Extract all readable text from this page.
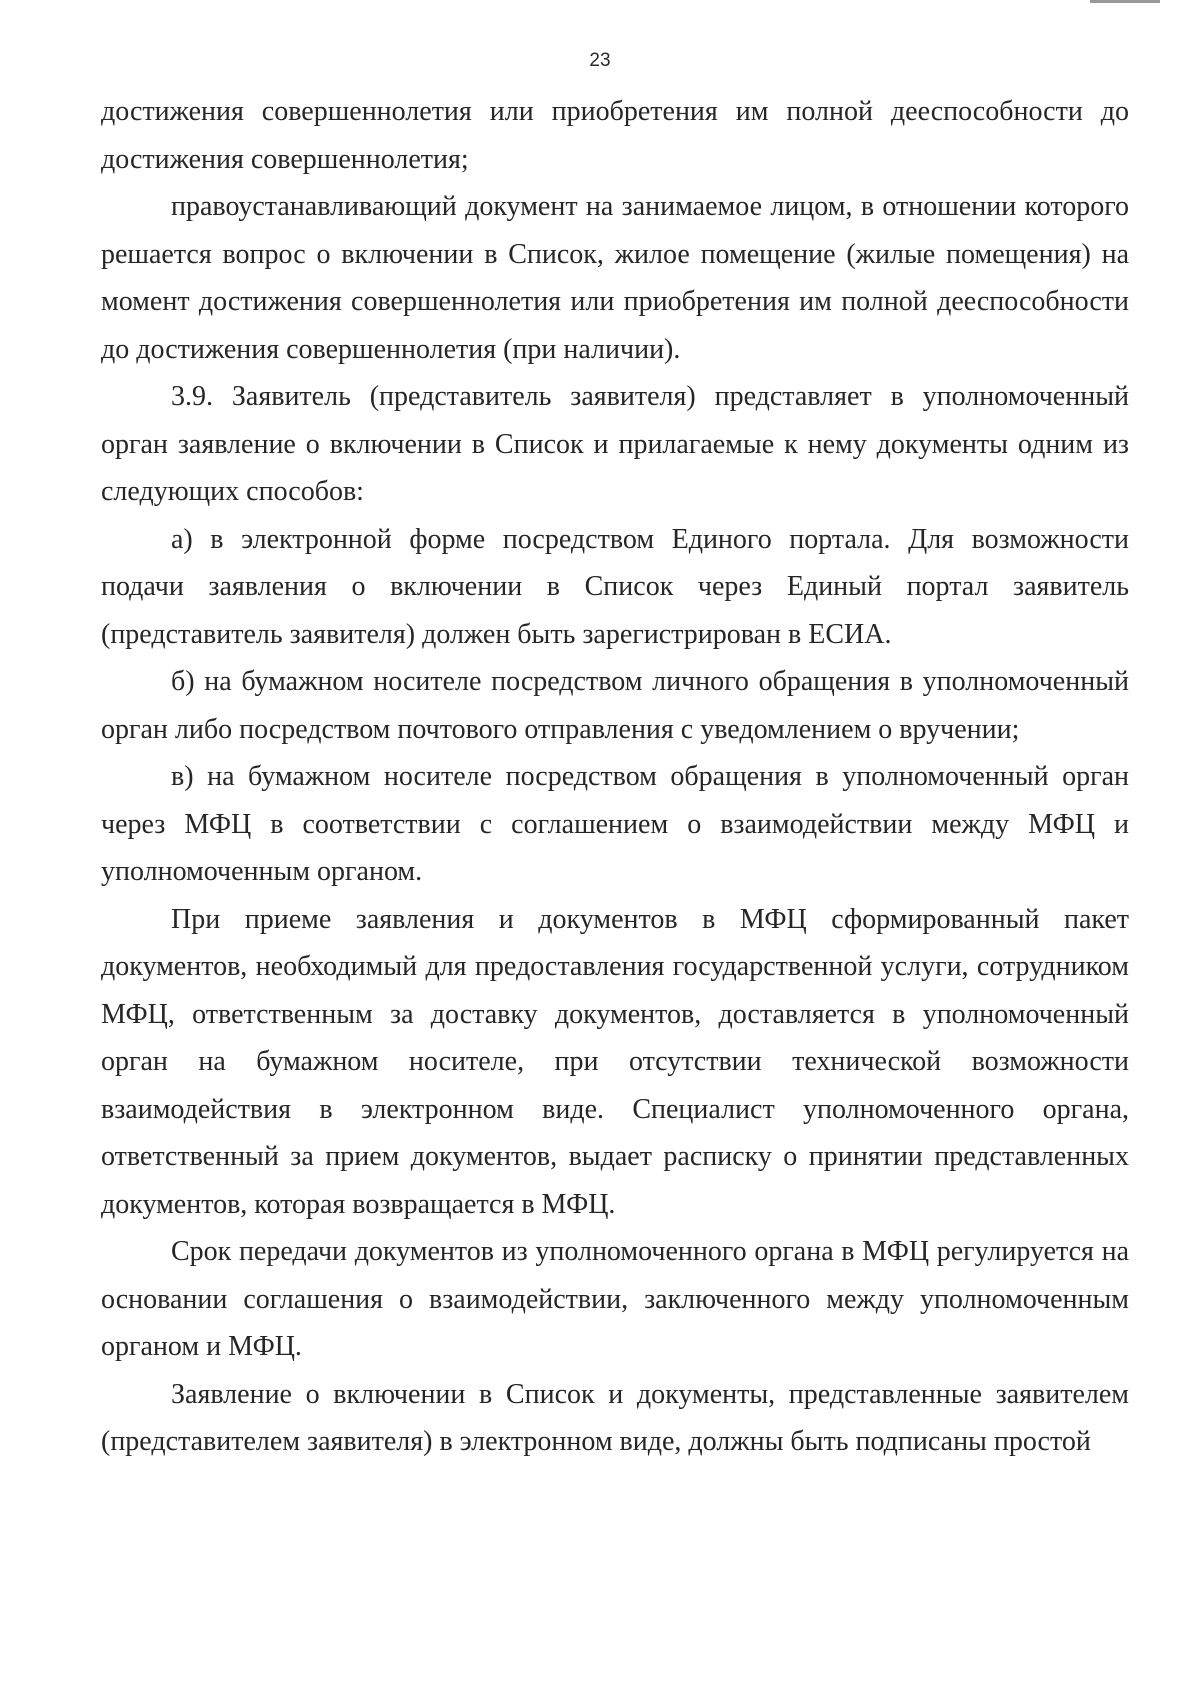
23

достижения совершеннолетия или приобретения им полной дееспособности до достижения совершеннолетия;

правоустанавливающий документ на занимаемое лицом, в отношении которого решается вопрос о включении в Список, жилое помещение (жилые помещения) на момент достижения совершеннолетия или приобретения им полной дееспособности до достижения совершеннолетия (при наличии).

3.9. Заявитель (представитель заявителя) представляет в уполномоченный орган заявление о включении в Список и прилагаемые к нему документы одним из следующих способов:

а) в электронной форме посредством Единого портала. Для возможности подачи заявления о включении в Список через Единый портал заявитель (представитель заявителя) должен быть зарегистрирован в ЕСИА.

б) на бумажном носителе посредством личного обращения в уполномоченный орган либо посредством почтового отправления с уведомлением о вручении;

в) на бумажном носителе посредством обращения в уполномоченный орган через МФЦ в соответствии с соглашением о взаимодействии между МФЦ и уполномоченным органом.

При приеме заявления и документов в МФЦ сформированный пакет документов, необходимый для предоставления государственной услуги, сотрудником МФЦ, ответственным за доставку документов, доставляется в уполномоченный орган на бумажном носителе, при отсутствии технической возможности взаимодействия в электронном виде. Специалист уполномоченного органа, ответственный за прием документов, выдает расписку о принятии представленных документов, которая возвращается в МФЦ.

Срок передачи документов из уполномоченного органа в МФЦ регулируется на основании соглашения о взаимодействии, заключенного между уполномоченным органом и МФЦ.

Заявление о включении в Список и документы, представленные заявителем (представителем заявителя) в электронном виде, должны быть подписаны простой
